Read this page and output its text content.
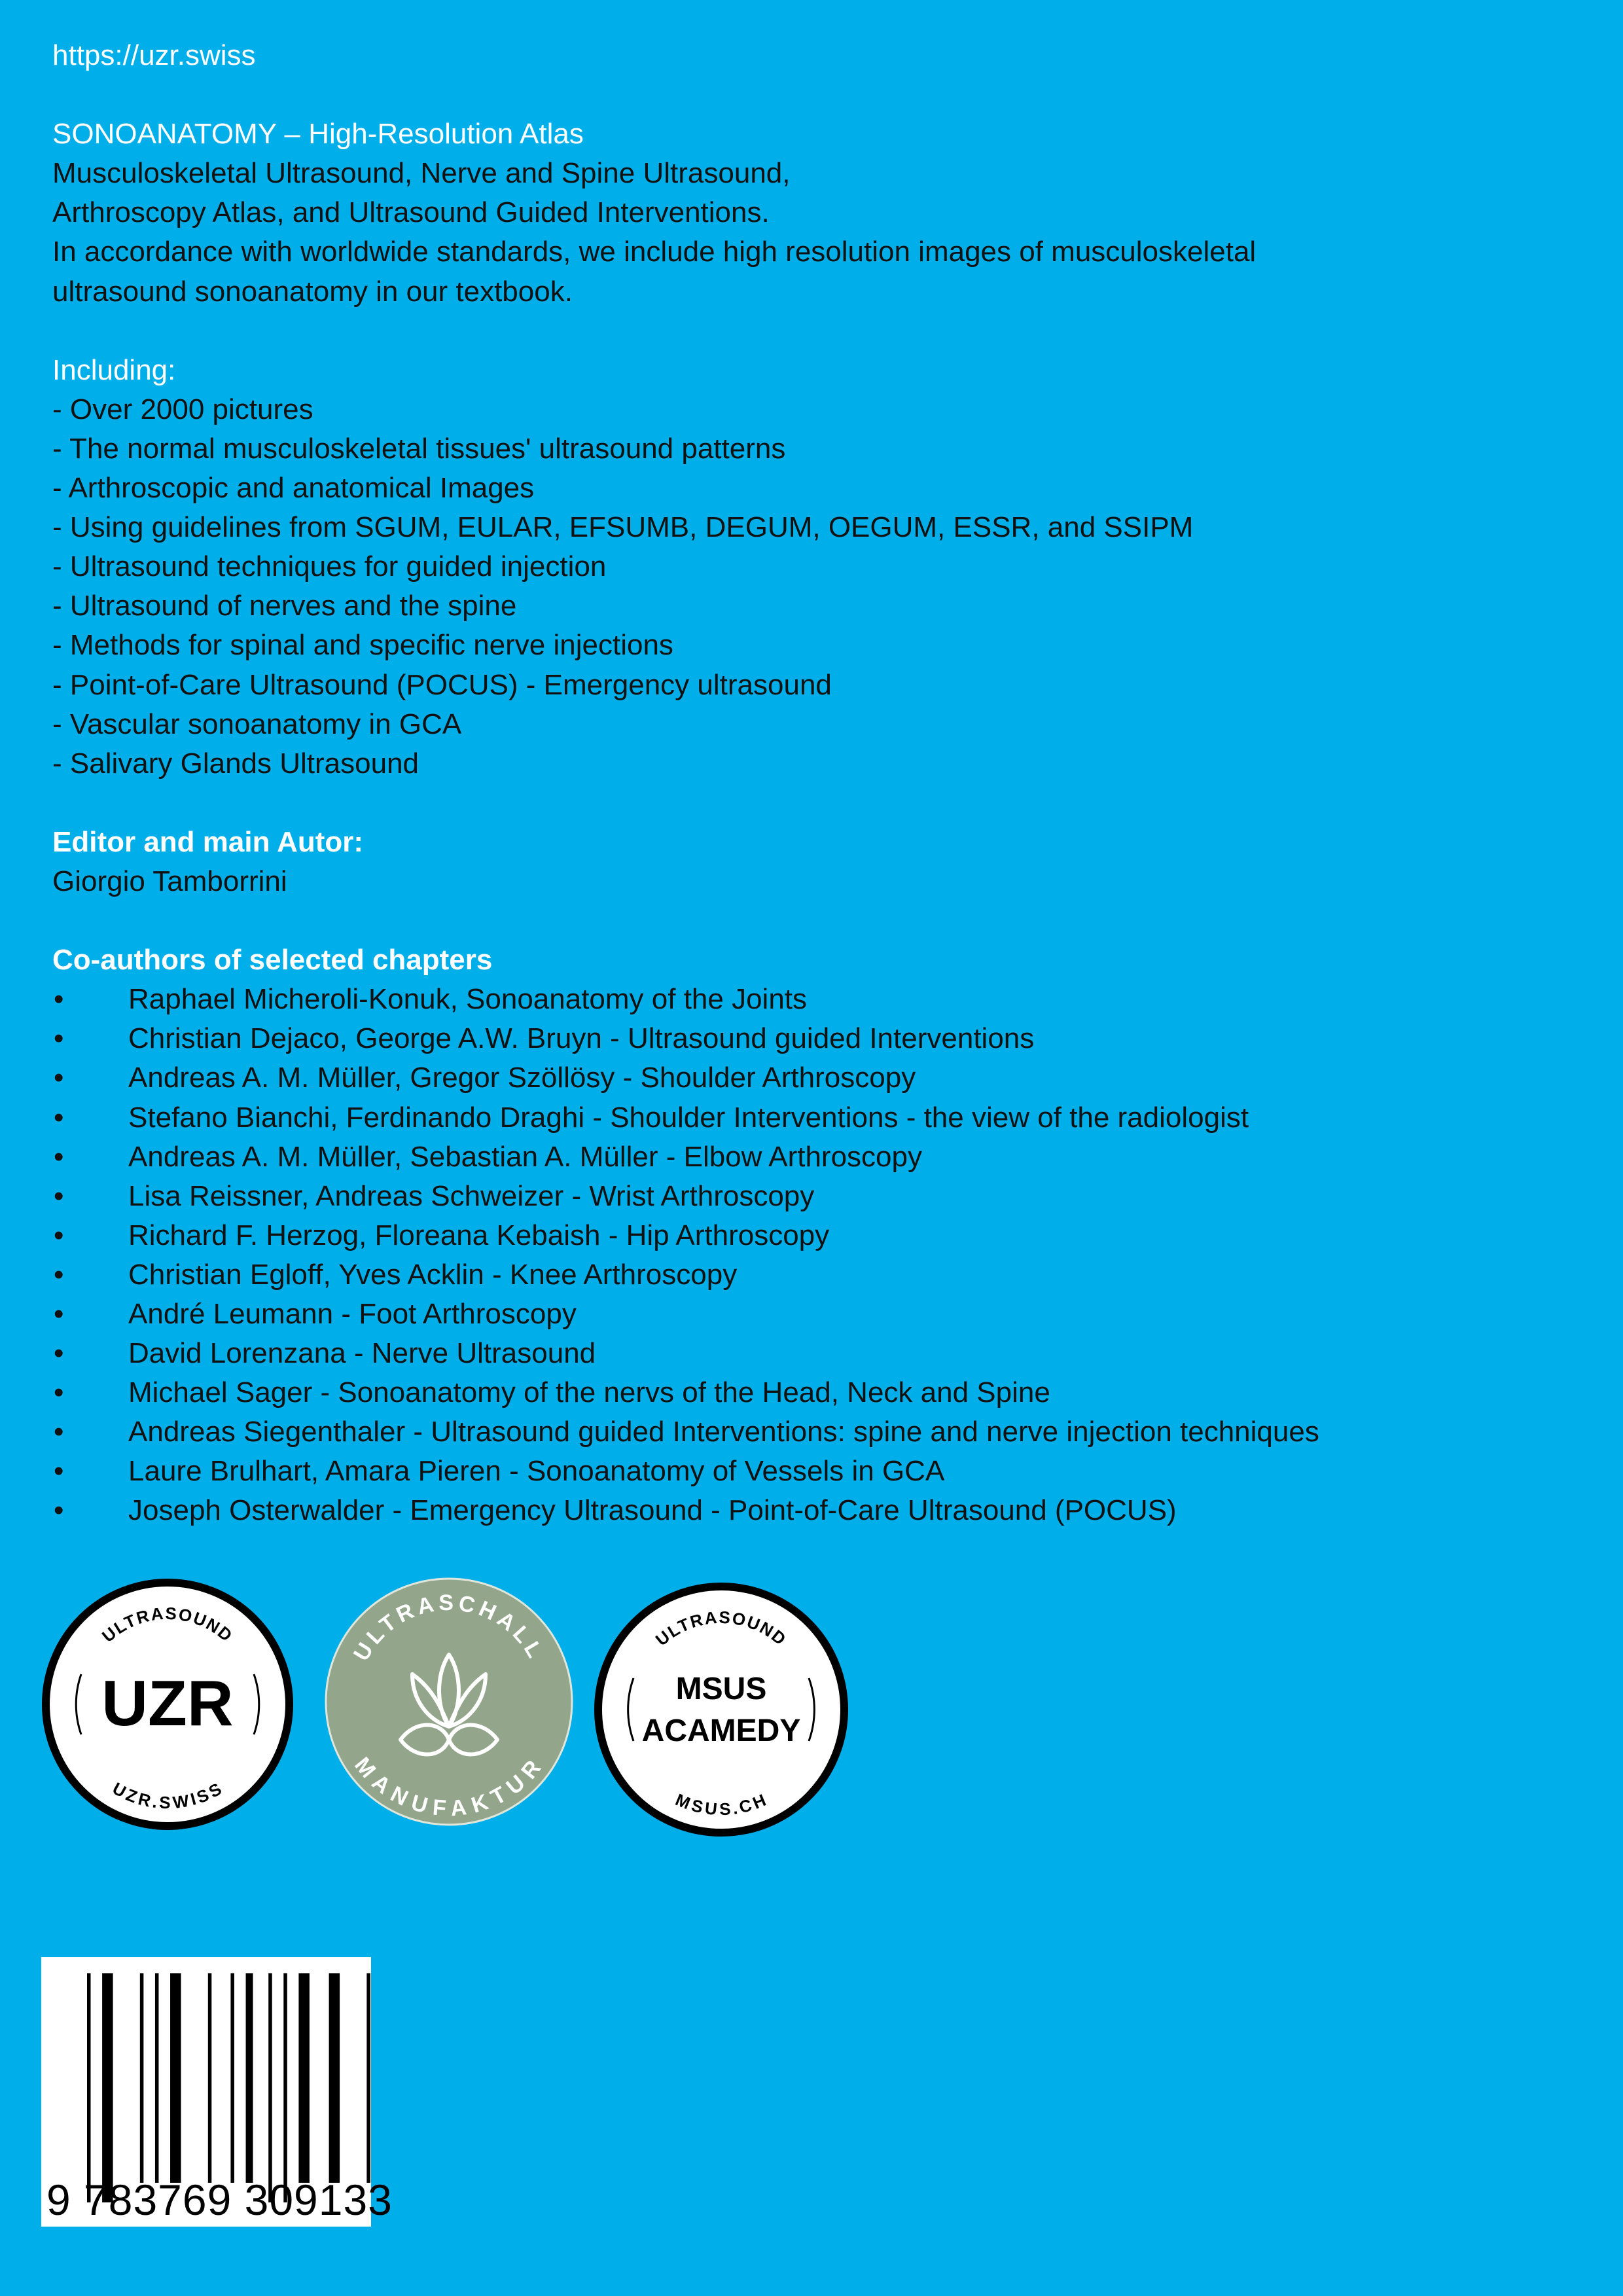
https://uzr.swiss
SONOANATOMY – High-Resolution Atlas
Musculoskeletal Ultrasound, Nerve and Spine Ultrasound,
Arthroscopy Atlas, and Ultrasound Guided Interventions.
In accordance with worldwide standards, we include high resolution images of musculoskeletal
ultrasound sonoanatomy in our textbook.
Including:
- Over 2000 pictures
- The normal musculoskeletal tissues' ultrasound patterns
- Arthroscopic and anatomical Images
- Using guidelines from SGUM, EULAR, EFSUMB, DEGUM, OEGUM, ESSR, and SSIPM
- Ultrasound techniques for guided injection
- Ultrasound of nerves and the spine
- Methods for spinal and specific nerve injections
- Point-of-Care Ultrasound (POCUS) - Emergency ultrasound
- Vascular sonoanatomy in GCA
- Salivary Glands Ultrasound
Editor and main Autor:
Giorgio Tamborrini
Co-authors of selected chapters
•	Raphael Micheroli-Konuk, Sonoanatomy of the Joints
•	Christian Dejaco, George A.W. Bruyn - Ultrasound guided Interventions
•	Andreas A. M. Müller, Gregor Szöllösy - Shoulder Arthroscopy
•	Stefano Bianchi, Ferdinando Draghi - Shoulder Interventions - the view of the radiologist
•	Andreas A. M. Müller, Sebastian A. Müller - Elbow Arthroscopy
•	Lisa Reissner, Andreas Schweizer - Wrist Arthroscopy
•	Richard F. Herzog, Floreana Kebaish - Hip Arthroscopy
•	Christian Egloff, Yves Acklin - Knee Arthroscopy
•	André Leumann - Foot Arthroscopy
•	David Lorenzana - Nerve Ultrasound
•	Michael Sager - Sonoanatomy of the nervs of the Head, Neck and Spine
•	Andreas Siegenthaler - Ultrasound guided Interventions: spine and nerve injection techniques
•	Laure Brulhart, Amara Pieren - Sonoanatomy of Vessels in GCA
•	Joseph Osterwalder - Emergency Ultrasound - Point-of-Care Ultrasound (POCUS)
ULTRASOUND
UZR
UZR.SWISS
ULTRASCHALL
MANUFAKTUR
ULTRASOUND
MSUS
ACAMEDY
MSUS.CH
9 783769 309133
